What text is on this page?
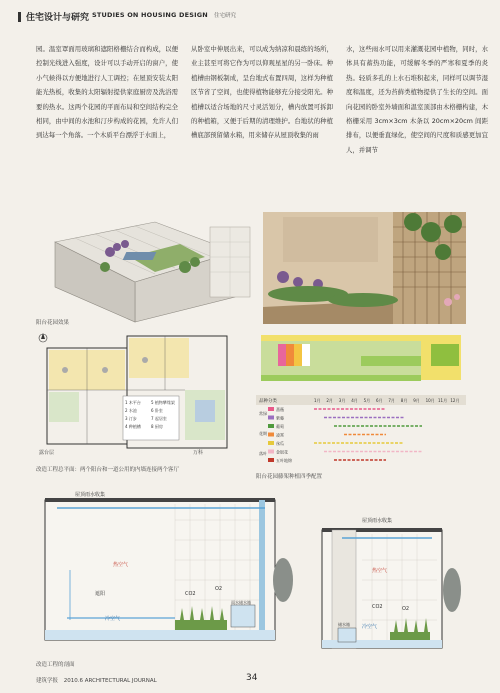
住宅设计与研究 STUDIES ON HOUSING DESIGN 住宅研究
园。温室罩面用玻璃和遮阳格栅结合而构成，以便控制光线进入强度，设计可以手动开启的窗户，使小气候得以方便地进行人工调控；在屋顶安装太阳能光热板，收集的太阳辐射提供家庭厨房及洗浴需要的热水。这两个花园的平面布局和空间结构完全相同，由中间的水池和汀步构成的花园，允许人们到达每一个角落。一个木质平台漂浮于水面上，
从卧室中伸展出来，可以成为纳凉和晨练的场所，业主甚至可将它作为可以仰观星星的另一卧床。种植槽由钢板制成，呈台地式布置四周，这样为种植区节省了空间，也使得植物能够充分接受阳光。种植槽以适合场地的尺寸灵活划分，槽内放置可拆卸的种植箱，又便于后期的清理维护。台地状的种植槽底部预留储水箱，用来储存从屋顶收集的雨
水，这些雨水可以用来灌溉花园中植物，同时，水体具有蓄热功能，可缓解冬季的严寒和夏季的炎热。轻质多孔的上水石堆积起来，同样可以调节湿度和温度，还为苔藓类植物提供了生长的空间。面向花园的卧室外墙面和温室顶部由木格栅构建，木格栅采用 3cm×3cm 木条以 20cm×20cm 间距排布，以便垂直绿化，使空间的尺度和质感更加宜人，并调节
阳台花园效果
万科
露台层
1 木平台
2 水池
3 汀步
4 种植槽
5 植物攀缘架
6 卧室
7 起居室
8 厨房
改造工程总平面：两个阳台和一道公用的内墙连接两个客厅
品种分类	1月 2月 3月 4月 5月 6月 7月 8月 9月 10月 11月 12月
常绿
花期
落叶
蔷薇
紫藤
葡萄
凌霄
丝瓜
金银花
五叶地锦
阳台花园藤架种植四季配置
屋顶雨水收集
热空气
冷空气
遮阳
O2
CO2
雨水储水箱
屋顶雨水收集
热空气
冷空气
O2
CO2
储水箱
改造工程的剖面
建筑学报 2010.6 ARCHITECTURAL JOURNAL	34
